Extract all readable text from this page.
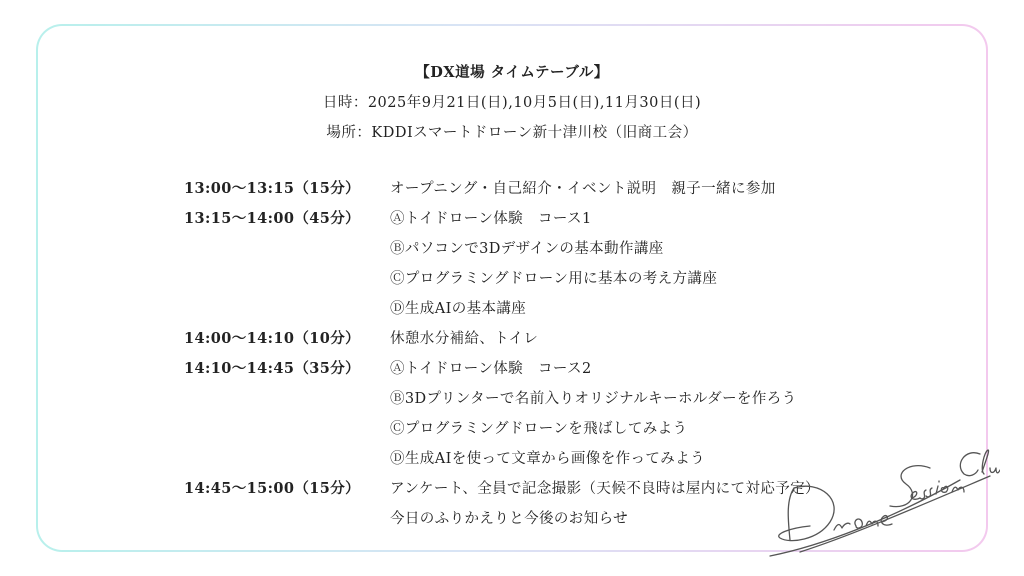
【DX道場 タイムテーブル】
日時：2025年9月21日(日),10月5日(日),11月30日(日)
場所：KDDIスマートドローン新十津川校（旧商工会）
13:00～13:15（15分）	オープニング・自己紹介・イベント説明　親子一緒に参加
13:15～14:00（45分）	Ⓐトイドローン体験　コース1
Ⓑパソコンで3Dデザインの基本動作講座
Ⓒプログラミングドローン用に基本の考え方講座
Ⓓ生成AIの基本講座
14:00～14:10（10分）	休憩水分補給、トイレ
14:10～14:45（35分）	Ⓐトイドローン体験　コース2
Ⓑ3Dプリンターで名前入りオリジナルキーホルダーを作ろう
Ⓒプログラミングドローンを飛ばしてみよう
Ⓓ生成AIを使って文章から画像を作ってみよう
14:45～15:00（15分）	アンケート、全員で記念撮影（天候不良時は屋内にて対応予定）
今日のふりかえりと今後のお知らせ
